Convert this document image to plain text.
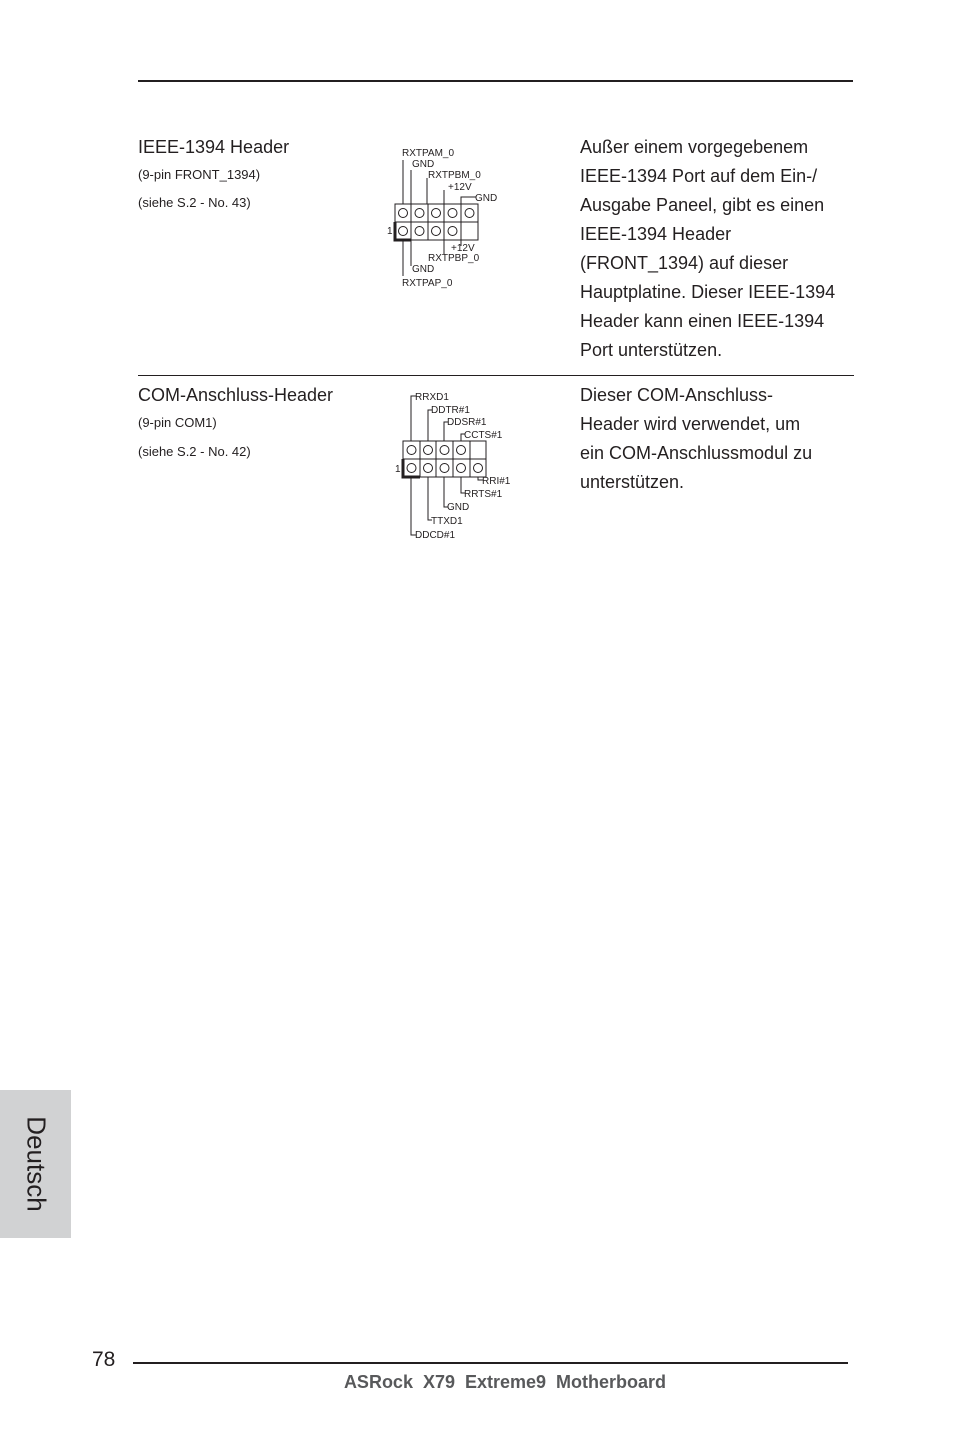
IEEE-1394 Header
(9-pin FRONT_1394)
(siehe S.2 - No. 43)
1
RXTPAM_0
GND
RXTPBM_0
+12V
GND
+12V
RXTPBP_0
GND
RXTPAP_0
Außer einem vorgegebenem
IEEE-1394 Port auf dem Ein-/
Ausgabe Paneel, gibt es einen
IEEE-1394 Header
(FRONT_1394) auf dieser
Hauptplatine. Dieser IEEE-1394
Header kann einen IEEE-1394
Port unterstützen.
COM-Anschluss-Header
(9-pin COM1)
(siehe S.2 - No. 42)
1
RRXD1
DDTR#1
DDSR#1
CCTS#1
RRI#1
RRTS#1
GND
TTXD1
DDCD#1
Dieser COM-Anschluss-
Header wird verwendet, um
ein COM-Anschlussmodul zu
unterstützen.
Deutsch
78
ASRock  X79  Extreme9  Motherboard
